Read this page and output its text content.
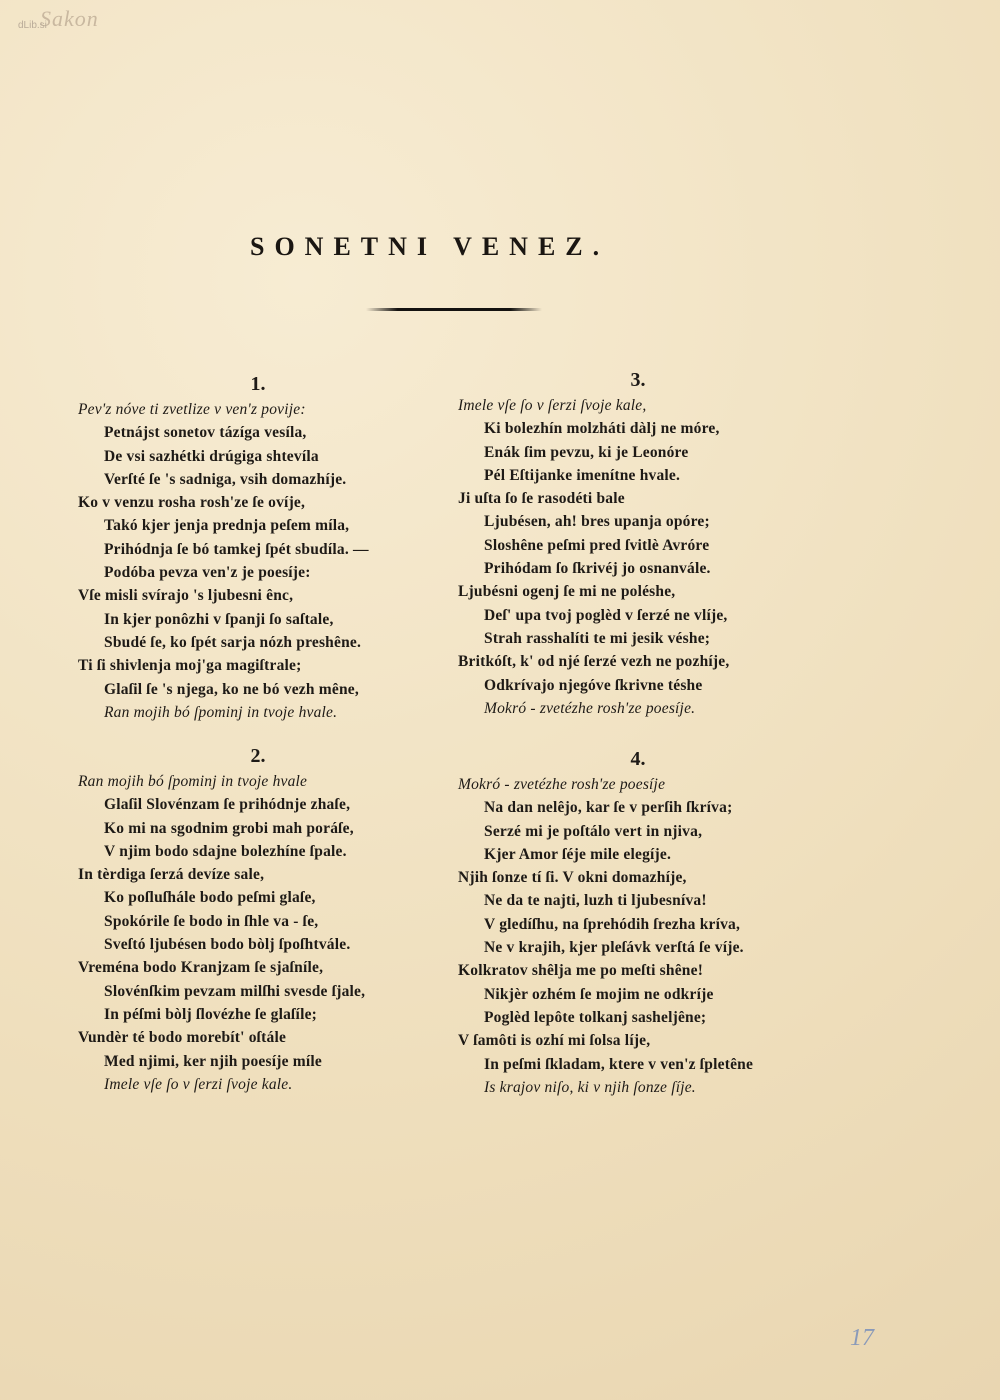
Sakon
dLib.si
SONETNI VENEZ.
1.
Pev'z nóve ti zvetlize v ven'z povije:
Petnájst sonetov tázíga vesíla,
De vsi sazhétki drúgiga shtevíla
Verſté ſe 's sadniga, vsih domazhíje.
Ko v venzu rosha rosh'ze ſe ovíje,
Takó kjer jenja prednja peſem míla,
Prihódnja ſe bó tamkej ſpét sbudíla. —
Podóba pevza ven'z je poesíje:
Vſe misli svírajo 's ljubesni ênc,
In kjer ponôzhi v ſpanji ſo saſtale,
Sbudé ſe, ko ſpét sarja nózh preshêne.
Ti ſi shivlenja moj'ga magiſtrale;
Glaſil ſe 's njega, ko ne bó vezh mêne,
Ran mojih bó ſpominj in tvoje hvale.
2.
Ran mojih bó ſpominj in tvoje hvale
Glaſil Slovénzam ſe prihódnje zhaſe,
Ko mi na sgodnim grobi mah poráſe,
V njim bodo sdajne bolezhíne ſpale.
In tèrdiga ſerzá devíze sale,
Ko poſluſhále bodo peſmi glaſe,
Spokórile ſe bodo in ſhle va - ſe,
Sveſtó ljubésen bodo bòlj ſpoſhtvále.
Vreména bodo Kranjzam ſe sjaſníle,
Slovénſkim pevzam milſhi svesde ſjale,
In péſmi bòlj ſlovézhe ſe glaſíle;
Vundèr té bodo morebít' oſtále
Med njimi, ker njih poesíje míle
Imele vſe ſo v ſerzi ſvoje kale.
3.
Imele vſe ſo v ſerzi ſvoje kale,
Ki bolezhín molzháti dàlj ne móre,
Enák ſim pevzu, ki je Leonóre
Pél Eſtijanke imenítne hvale.
Ji uſta ſo ſe rasodéti bale
Ljubésen, ah! bres upanja opóre;
Sloshêne peſmi pred ſvitlè Avróre
Prihódam ſo ſkrivéj jo osnanvále.
Ljubésni ogenj ſe mi ne poléshe,
Deſ' upa tvoj poglèd v ſerzé ne vlíje,
Strah rasshalíti te mi jesik véshe;
Britkóſt, k' od njé ſerzé vezh ne pozhíje,
Odkrívajo njegóve ſkrivne téshe
Mokró - zvetézhe rosh'ze poesíje.
4.
Mokró - zvetézhe rosh'ze poesíje
Na dan nelêjo, kar ſe v perſih ſkríva;
Serzé mi je poſtálo vert in njiva,
Kjer Amor ſéje mile elegíje.
Njih ſonze tí ſi. V okni domazhíje,
Ne da te najti, luzh ti ljubesníva!
V gledíſhu, na ſprehódih ſrezha kríva,
Ne v krajih, kjer pleſávk verſtá ſe víje.
Kolkratov shêlja me po meſti shêne!
Nikjèr ozhém ſe mojim ne odkríje
Poglèd lepôte tolkanj sasheljêne;
V ſamôti is ozhí mi ſolsa líje,
In peſmi ſkladam, ktere v ven'z ſpletêne
Is krajov niſo, ki v njih ſonze ſíje.
17
